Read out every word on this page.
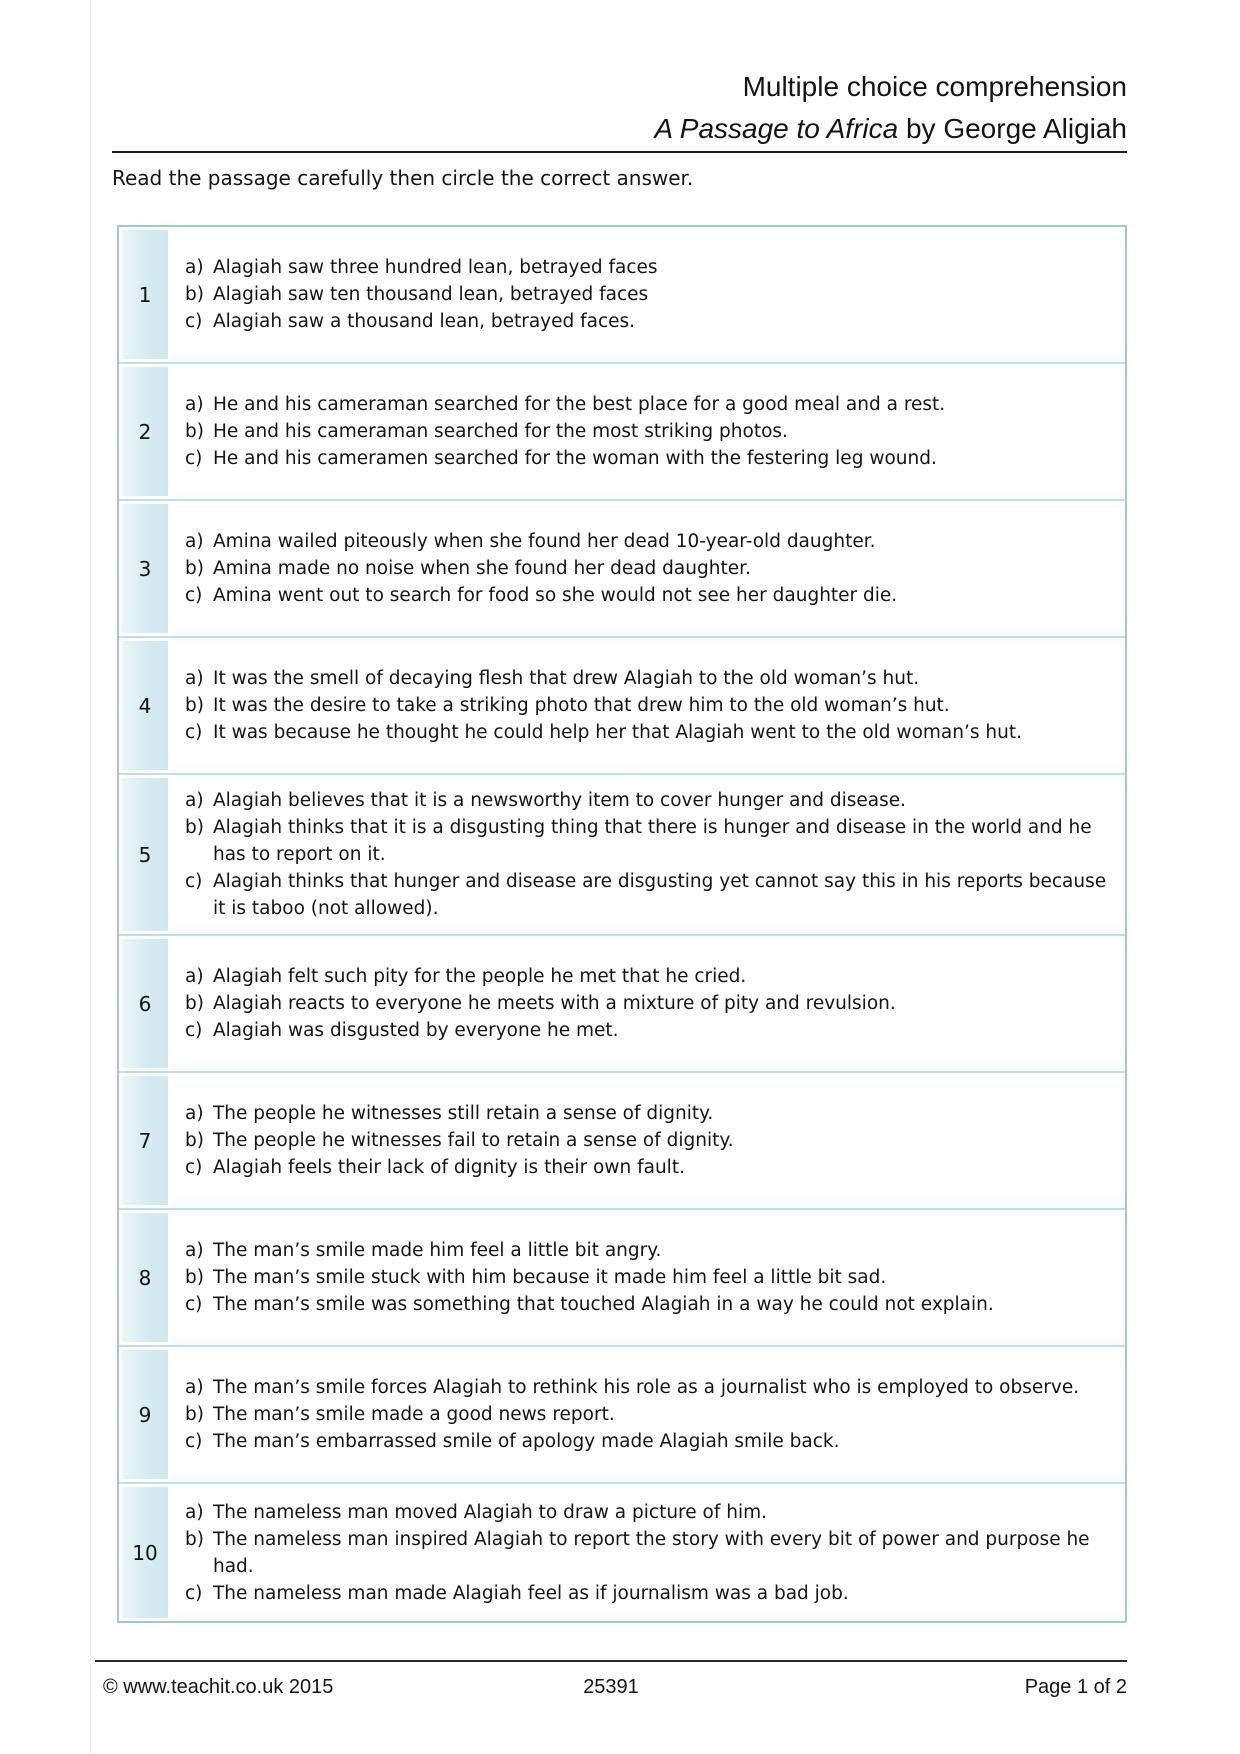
Multiple choice comprehension
A Passage to Africa by George Aligiah
Read the passage carefully then circle the correct answer.
1
a) Alagiah saw three hundred lean, betrayed faces
b) Alagiah saw ten thousand lean, betrayed faces
c) Alagiah saw a thousand lean, betrayed faces.
2
a) He and his cameraman searched for the best place for a good meal and a rest.
b) He and his cameraman searched for the most striking photos.
c) He and his cameramen searched for the woman with the festering leg wound.
3
a) Amina wailed piteously when she found her dead 10-year-old daughter.
b) Amina made no noise when she found her dead daughter.
c) Amina went out to search for food so she would not see her daughter die.
4
a) It was the smell of decaying flesh that drew Alagiah to the old woman’s hut.
b) It was the desire to take a striking photo that drew him to the old woman’s hut.
c) It was because he thought he could help her that Alagiah went to the old woman’s hut.
5
a) Alagiah believes that it is a newsworthy item to cover hunger and disease.
b) Alagiah thinks that it is a disgusting thing that there is hunger and disease in the world and he has to report on it.
c) Alagiah thinks that hunger and disease are disgusting yet cannot say this in his reports because it is taboo (not allowed).
6
a) Alagiah felt such pity for the people he met that he cried.
b) Alagiah reacts to everyone he meets with a mixture of pity and revulsion.
c) Alagiah was disgusted by everyone he met.
7
a) The people he witnesses still retain a sense of dignity.
b) The people he witnesses fail to retain a sense of dignity.
c) Alagiah feels their lack of dignity is their own fault.
8
a) The man’s smile made him feel a little bit angry.
b) The man’s smile stuck with him because it made him feel a little bit sad.
c) The man’s smile was something that touched Alagiah in a way he could not explain.
9
a) The man’s smile forces Alagiah to rethink his role as a journalist who is employed to observe.
b) The man’s smile made a good news report.
c) The man’s embarrassed smile of apology made Alagiah smile back.
10
a) The nameless man moved Alagiah to draw a picture of him.
b) The nameless man inspired Alagiah to report the story with every bit of power and purpose he had.
c) The nameless man made Alagiah feel as if journalism was a bad job.
© www.teachit.co.uk 2015	25391	Page 1 of 2
